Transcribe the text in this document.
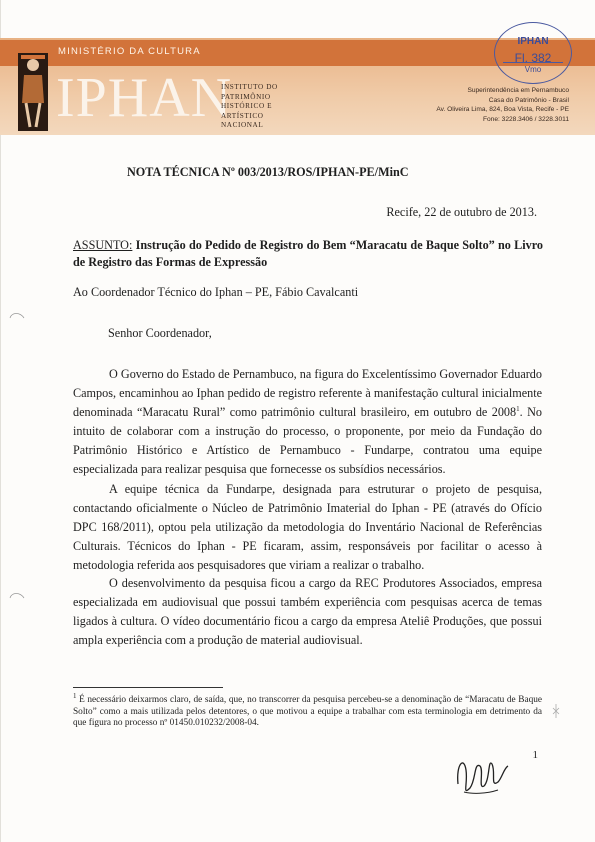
MINISTÉRIO DA CULTURA
IPHAN
INSTITUTO DO
PATRIMÔNIO
HISTÓRICO E
ARTÍSTICO
NACIONAL
Superintendência em Pernambuco
Casa do Patrimônio - Brasil
Av. Oliveira Lima, 824, Boa Vista, Recife - PE
Fone: 3228.3406 / 3228.3011
IPHAN
Fl. 382
Vmo
NOTA TÉCNICA Nº 003/2013/ROS/IPHAN-PE/MinC
Recife, 22 de outubro de 2013.
ASSUNTO: Instrução do Pedido de Registro do Bem “Maracatu de Baque Solto” no Livro de Registro das Formas de Expressão
Ao Coordenador Técnico do Iphan – PE, Fábio Cavalcanti
Senhor Coordenador,

O Governo do Estado de Pernambuco, na figura do Excelentíssimo Governador Eduardo Campos, encaminhou ao Iphan pedido de registro referente à manifestação cultural inicialmente denominada “Maracatu Rural” como patrimônio cultural brasileiro, em outubro de 2008$^1$. No intuito de colaborar com a instrução do processo, o proponente, por meio da Fundação do Patrimônio Histórico e Artístico de Pernambuco - Fundarpe, contratou uma equipe especializada para realizar pesquisa que fornecesse os subsídios necessários.

A equipe técnica da Fundarpe, designada para estruturar o projeto de pesquisa, contactando oficialmente o Núcleo de Patrimônio Imaterial do Iphan - PE (através do Ofício DPC 168/2011), optou pela utilização da metodologia do Inventário Nacional de Referências Culturais. Técnicos do Iphan - PE ficaram, assim, responsáveis por facilitar o acesso à metodologia referida aos pesquisadores que viriam a realizar o trabalho.

O desenvolvimento da pesquisa ficou a cargo da REC Produtores Associados, empresa especializada em audiovisual que possui também experiência com pesquisas acerca de temas ligados à cultura. O vídeo documentário ficou a cargo da empresa Ateliê Produções, que possui ampla experiência com a produção de material audiovisual.

$^1$ É necessário deixarmos claro, de saída, que, no transcorrer da pesquisa percebeu-se a denominação de “Maracatu de Baque Solto” como a mais utilizada pelos detentores, o que motivou a equipe a trabalhar com esta terminologia em detrimento da que figura no processo nº 01450.010232/2008-04.

1
